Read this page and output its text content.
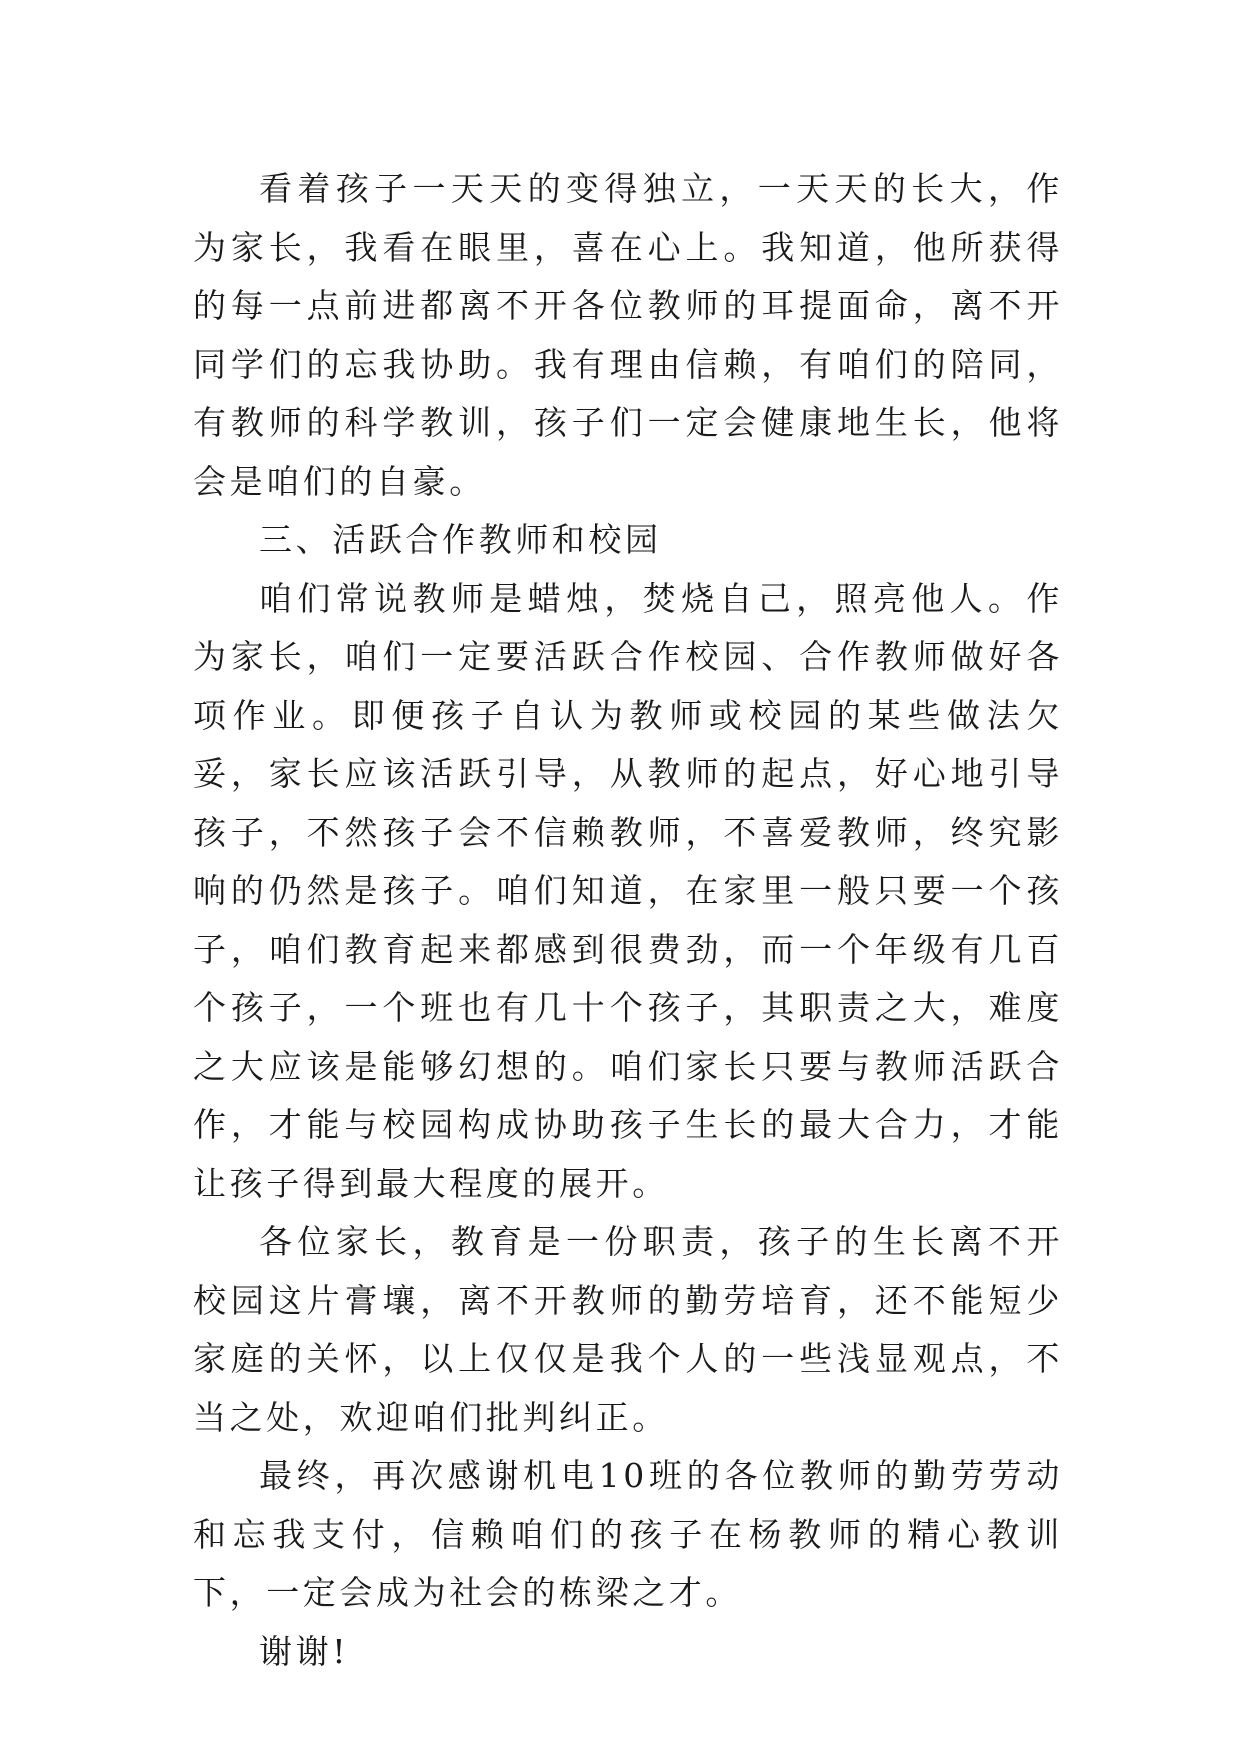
看着孩子一天天的变得独立，一天天的长大，作为家长，我看在眼里，喜在心上。我知道，他所获得的每一点前进都离不开各位教师的耳提面命，离不开同学们的忘我协助。我有理由信赖，有咱们的陪同，有教师的科学教训，孩子们一定会健康地生长，他将会是咱们的自豪。

三、活跃合作教师和校园

咱们常说教师是蜡烛，焚烧自己，照亮他人。作为家长，咱们一定要活跃合作校园、合作教师做好各项作业。即便孩子自认为教师或校园的某些做法欠妥，家长应该活跃引导，从教师的起点，好心地引导孩子，不然孩子会不信赖教师，不喜爱教师，终究影响的仍然是孩子。咱们知道，在家里一般只要一个孩子，咱们教育起来都感到很费劲，而一个年级有几百个孩子，一个班也有几十个孩子，其职责之大，难度之大应该是能够幻想的。咱们家长只要与教师活跃合作，才能与校园构成协助孩子生长的最大合力，才能让孩子得到最大程度的展开。

各位家长，教育是一份职责，孩子的生长离不开校园这片膏壤，离不开教师的勤劳培育，还不能短少家庭的关怀，以上仅仅是我个人的一些浅显观点，不当之处，欢迎咱们批判纠正。

最终，再次感谢机电10班的各位教师的勤劳劳动和忘我支付，信赖咱们的孩子在杨教师的精心教训下，一定会成为社会的栋梁之才。

谢谢!
